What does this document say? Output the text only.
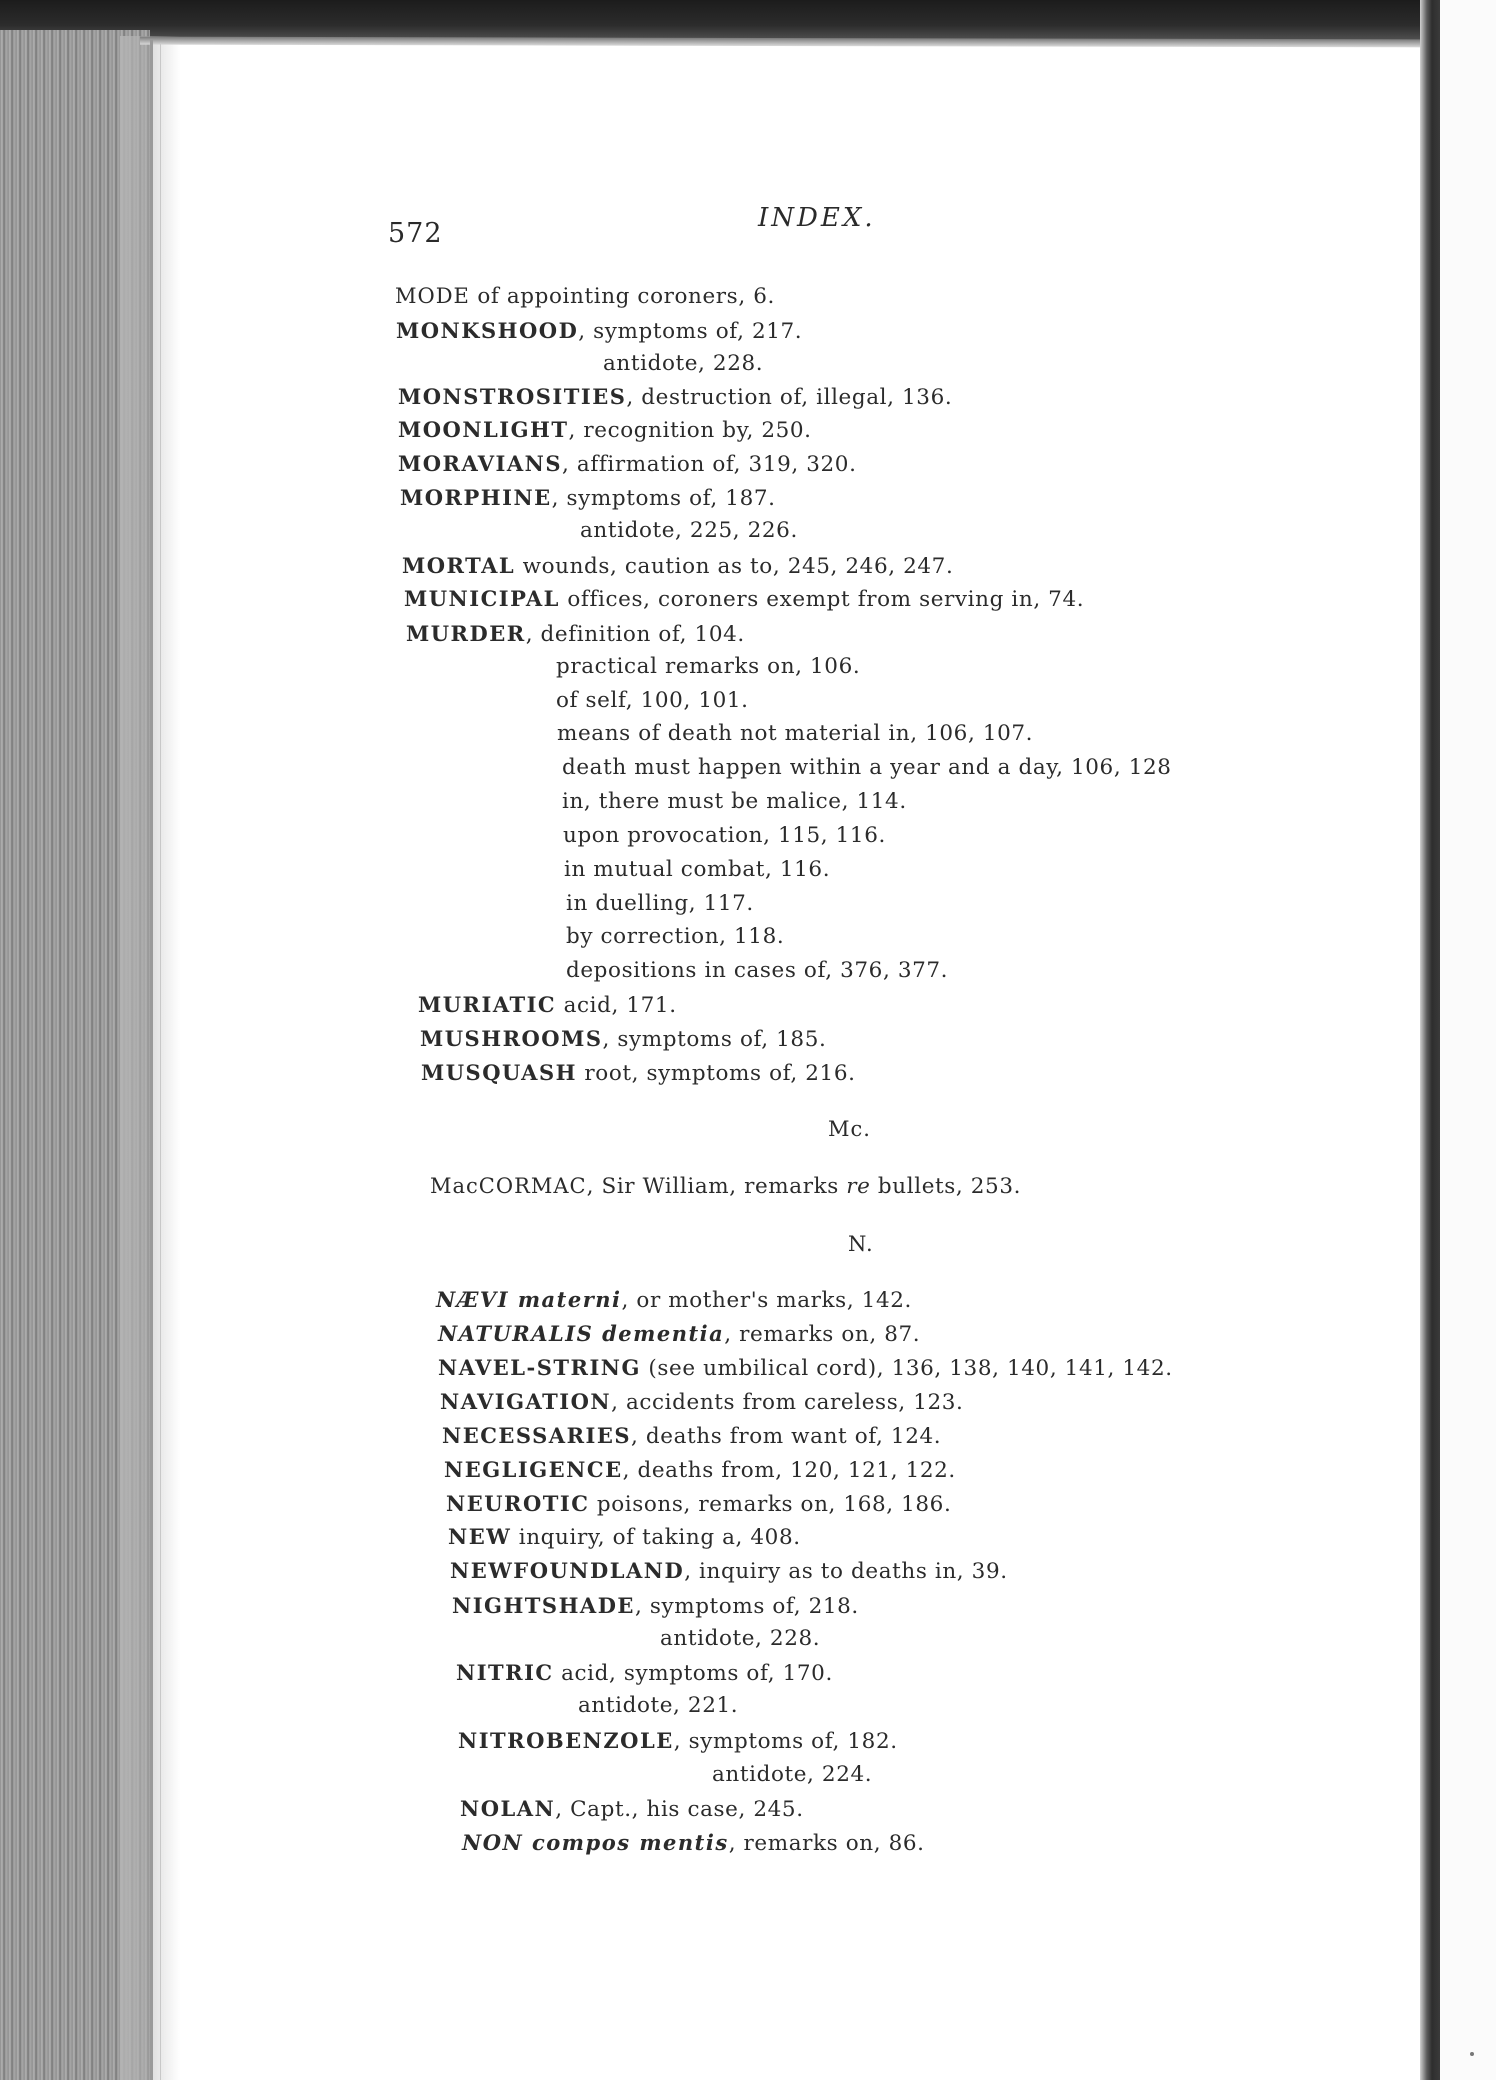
572	INDEX.

MODE of appointing coroners, 6.
MONKSHOOD, symptoms of, 217.
antidote, 228.
MONSTROSITIES, destruction of, illegal, 136.
MOONLIGHT, recognition by, 250.
MORAVIANS, affirmation of, 319, 320.
MORPHINE, symptoms of, 187.
antidote, 225, 226.
MORTAL wounds, caution as to, 245, 246, 247.
MUNICIPAL offices, coroners exempt from serving in, 74.
MURDER, definition of, 104.
practical remarks on, 106.
of self, 100, 101.
means of death not material in, 106, 107.
death must happen within a year and a day, 106, 128
in, there must be malice, 114.
upon provocation, 115, 116.
in mutual combat, 116.
in duelling, 117.
by correction, 118.
depositions in cases of, 376, 377.
MURIATIC acid, 171.
MUSHROOMS, symptoms of, 185.
MUSQUASH root, symptoms of, 216.

Mc.

MacCORMAC, Sir William, remarks re bullets, 253.

N.

NÆVI materni, or mother's marks, 142.
NATURALIS dementia, remarks on, 87.
NAVEL-STRING (see umbilical cord), 136, 138, 140, 141, 142.
NAVIGATION, accidents from careless, 123.
NECESSARIES, deaths from want of, 124.
NEGLIGENCE, deaths from, 120, 121, 122.
NEUROTIC poisons, remarks on, 168, 186.
NEW inquiry, of taking a, 408.
NEWFOUNDLAND, inquiry as to deaths in, 39.
NIGHTSHADE, symptoms of, 218.
antidote, 228.
NITRIC acid, symptoms of, 170.
antidote, 221.
NITROBENZOLE, symptoms of, 182.
antidote, 224.
NOLAN, Capt., his case, 245.
NON compos mentis, remarks on, 86.
